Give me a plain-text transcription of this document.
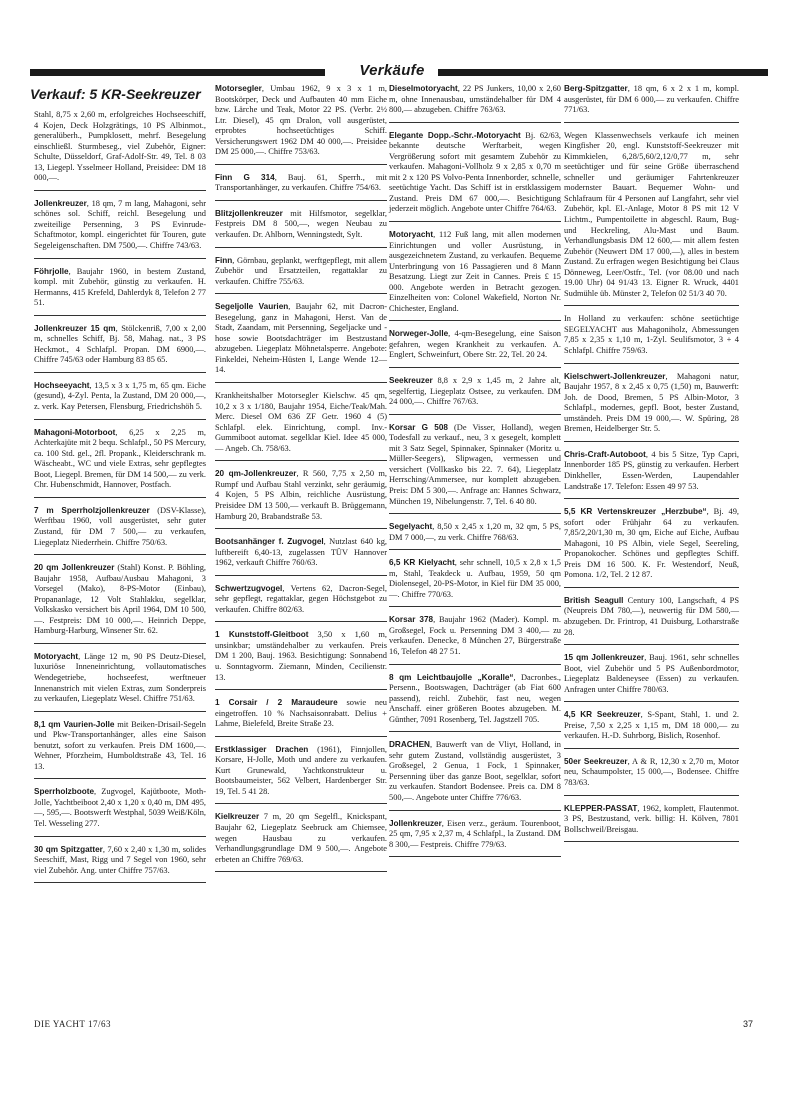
Verkäufe
Verkauf: 5 KR-Seekreuzer
Stahl, 8,75 x 2,60 m, erfolgreiches Hochseeschiff, 4 Kojen, Deck Holzgrätings, 10 PS Albinmot., generalüberh., Pumpklosett, mehrf. Besegelung einschließl. Sturmbeseg., viel Zubehör, Eigner: Schulte, Düsseldorf, Graf-Adolf-Str. 49, Tel. 8 03 13, Liegepl. Ysselmeer Holland, Preisidee: DM 18 000,—.
Jollenkreuzer, 18 qm, 7 m lang, Mahagoni, sehr schönes sol. Schiff, reichl. Besegelung und zweiteilige Persenning, 3 PS Evinrude-Schaftmotor, kompl. eingerichtet für Touren, gute Segeleigenschaften. DM 7500,—. Chiffre 743/63.
Föhrjolle, Baujahr 1960, in bestem Zustand, kompl. mit Zubehör, günstig zu verkaufen. H. Hermanns, 415 Krefeld, Dahlerdyk 8, Telefon 2 77 51.
Jollenkreuzer 15 qm, Stölckenriß, 7,00 x 2,00 m, schnelles Schiff, Bj. 58, Mahag. nat., 3 PS Heckmot., 4 Schlafpl. Propan. DM 6900,—. Chiffre 745/63 oder Hamburg 83 85 65.
Hochseeyacht, 13,5 x 3 x 1,75 m, 65 qm. Eiche (gesund), 4-Zyl. Penta, la Zustand, DM 20 000,—, z. verk. Kay Petersen, Flensburg, Friedrichshöh 5.
Mahagoni-Motorboot, 6,25 x 2,25 m, Achterkajüte mit 2 bequ. Schlafpl., 50 PS Mercury, ca. 100 Std. gel., 2fl. Propank., Kleiderschrank m. Wäscheabt., WC und viele Extras, sehr gepflegtes Boot, Liegepl. Bremen, für DM 14 500,— zu verk. Chr. Hubenschmidt, Hannover, Postfach.
7 m Sperrholzjollenkreuzer (DSV-Klasse), Werftbau 1960, voll ausgerüstet, sehr guter Zustand, für DM 7 500,— zu verkaufen, Liegeplatz Niederrhein. Chiffre 750/63.
20 qm Jollenkreuzer (Stahl) Konst. P. Böhling, Baujahr 1958, Aufbau/Ausbau Mahagoni, 3 Vorsegel (Mako), 8-PS-Motor (Einbau), Propananlage, 12 Volt Stahlakku, segelklar, Volkskasko versichert bis April 1964, DM 10 500,—. Festpreis: DM 10 000,—. Heinrich Deppe, Hamburg-Harburg, Winsener Str. 62.
Motoryacht, Länge 12 m, 90 PS Deutz-Diesel, luxuriöse Inneneinrichtung, vollautomatisches Wendegetriebe, hochseefest, werftneuer Innenanstrich mit vielen Extras, zum Sonderpreis zu verkaufen, Liegeplatz Wesel. Chiffre 751/63.
8,1 qm Vaurien-Jolle mit Beiken-Drisail-Segeln und Pkw-Transportanhänger, alles eine Saison benutzt, sofort zu verkaufen. Preis DM 1600,—. Wehner, Pforzheim, Humboldtstraße 43, Tel. 16 13.
Sperrholzboote, Zugvogel, Kajütboote, Moth-Jolle, Yachtbeiboot 2,40 x 1,20 x 0,40 m, DM 495,—, 595,—. Bootswerft Westphal, 5039 Weiß/Köln, Tel. Wesseling 277.
30 qm Spitzgatter, 7,60 x 2,40 x 1,30 m, solides Seeschiff, Mast, Rigg und 7 Segel von 1960, sehr viel Zubehör. Ang. unter Chiffre 757/63.
Motorsegler, Umbau 1962, 9 x 3 x 1 m, Bootskörper, Deck und Aufbauten 40 mm Eiche bzw. Lärche und Teak, Motor 22 PS. (Verbr. 2½ Ltr. Diesel), 45 qm Dralon, voll ausgerüstet, erprobtes hochseetüchtiges Schiff. Versicherungswert 1962 DM 40 000,—. Preisidee DM 25 000,—. Chiffre 753/63.
Finn G 314, Bauj. 61, Sperrh., mit Transportanhänger, zu verkaufen. Chiffre 754/63.
Blitzjollenkreuzer mit Hilfsmotor, segelklar, Festpreis DM 8 500,—, wegen Neubau zu verkaufen. Dr. Ahlborn, Wenningstedt, Sylt.
Finn, Görnbau, geplankt, werftgepflegt, mit allem Zubehör und Ersatzteilen, regattaklar zu verkaufen. Chiffre 755/63.
Segeljolle Vaurien, Baujahr 62, mit Dacron-Besegelung, ganz in Mahagoni, Herst. Van de Stadt, Zaandam, mit Persenning, Segeljacke und -hose sowie Bootsdachträger im Bestzustand abzugeben. Liegeplatz Möhnetalsperre. Angebote: Finkeldei, Neheim-Hüsten I, Lange Wende 12—14.
Krankheitshalber Motorsegler Kielschw. 45 qm, 10,2 x 3 x 1/180, Baujahr 1954, Eiche/Teak/Mah. Merc. Diesel OM 636 ZF Getr. 1960 4 (5) Schlafpl. elek. Einrichtung, compl. Inv.-Gummiboot automat. segelklar Kiel. Idee 45 000,— Angeb. Ch. 758/63.
20 qm-Jollenkreuzer, R 560, 7,75 x 2,50 m, Rumpf und Aufbau Stahl verzinkt, sehr geräumig, 4 Kojen, 5 PS Albin, reichliche Ausrüstung, Preisidee DM 13 500,— verkauft B. Brüggemann, Hamburg 20, Brabandstraße 53.
Bootsanhänger f. Zugvogel, Nutzlast 640 kg, luftbereift 6,40-13, zugelassen TÜV Hannover 1962, verkauft Chiffre 760/63.
Schwertzugvogel, Vertens 62, Dacron-Segel, sehr gepflegt, regattaklar, gegen Höchstgebot zu verkaufen. Chiffre 802/63.
1 Kunststoff-Gleitboot 3,50 x 1,60 m, unsinkbar; umständehalber zu verkaufen. Preis DM 1 200, Bauj. 1963. Besichtigung: Sonnabend u. Sonntagvorm. Ziemann, Minden, Cecilienstr. 13.
1 Corsair / 2 Maraudeure sowie neu eingetroffen. 10 % Nachsaisonrabatt. Delius + Lahme, Bielefeld, Breite Straße 23.
Erstklassiger Drachen (1961), Finnjollen, Korsare, H-Jolle, Moth und andere zu verkaufen. Kurt Grunewald, Yachtkonstrukteur u. Bootsbaumeister, 562 Velbert, Hardenberger Str. 19, Tel. 5 41 28.
Kielkreuzer 7 m, 20 qm Segelfl., Knickspant, Baujahr 62, Liegeplatz Seebruck am Chiemsee, wegen Hausbau zu verkaufen. Verhandlungsgrundlage DM 9 500,—. Angebote erbeten an Chiffre 769/63.
Dieselmotoryacht, 22 PS Junkers, 10,00 x 2,60 m, ohne Innenausbau, umständehalber für DM 4 800,— abzugeben. Chiffre 763/63.
Elegante Dopp.-Schr.-Motoryacht Bj. 62/63, bekannte deutsche Werftarbeit, wegen Vergrößerung sofort mit gesamtem Zubehör zu verkaufen. Mahagoni-Vollholz 9 x 2,85 x 0,70 m mit 2 x 120 PS Volvo-Penta Innenborder, schnelle, seetüchtige Yacht. Das Schiff ist in erstklassigem Zustand. Preis DM 67 000,—. Besichtigung jederzeit möglich. Angebote unter Chiffre 764/63.
Motoryacht, 112 Fuß lang, mit allen modernen Einrichtungen und voller Ausrüstung, in ausgezeichnetem Zustand, zu verkaufen. Bequeme Unterbringung von 16 Passagieren und 8 Mann Besatzung. Liegt zur Zeit in Cannes. Preis £ 15 000. Angebote werden in Betracht gezogen. Einzelheiten von: Colonel Wakefield, Norton Nr. Chichester, England.
Norweger-Jolle, 4-qm-Besegelung, eine Saison gefahren, wegen Krankheit zu verkaufen. A. Englert, Schweinfurt, Obere Str. 22, Tel. 20 24.
Seekreuzer 8,8 x 2,9 x 1,45 m, 2 Jahre alt, segelfertig, Liegeplatz Ostsee, zu verkaufen. DM 24 000,—. Chiffre 767/63.
Korsar G 508 (De Visser, Holland), wegen Todesfall zu verkauf., neu, 3 x gesegelt, komplett mit 3 Satz Segel, Spinnaker, Spinnaker (Moritz u. Müller-Seegers), Slipwagen, vermessen und versichert (Vollkasko bis 22. 7. 64), Liegeplatz Herrsching/Ammersee, nur komplett abzugeben. Preis: DM 5 300,—. Anfrage an: Hannes Schwarz, München 19, Nibelungenstr. 7, Tel. 6 40 80.
Segelyacht, 8,50 x 2,45 x 1,20 m, 32 qm, 5 PS, DM 7 000,—, zu verk. Chiffre 768/63.
6,5 KR Kielyacht, sehr schnell, 10,5 x 2,8 x 1,5 m, Stahl, Teakdeck u. Aufbau, 1959, 50 qm Diolensegel, 20-PS-Motor, in Kiel für DM 35 000,—. Chiffre 770/63.
Korsar 378, Baujahr 1962 (Mader). Kompl. m. Großsegel, Fock u. Persenning DM 3 400,— zu verkaufen. Denecke, 8 München 27, Bürgerstraße 16, Telefon 48 27 51.
8 qm Leichtbaujolle „Koralle“, Dacronbes., Persenn., Bootswagen, Dachträger (ab Fiat 600 passend), reichl. Zubehör, fast neu, wegen Anschaff. einer größeren Bootes abzugeben. M. Günther, 7091 Rosenberg, Tel. Jagstzell 705.
DRACHEN, Bauwerft van de Vliyt, Holland, in sehr gutem Zustand, vollständig ausgerüstet, 3 Großsegel, 2 Genua, 1 Fock, 1 Spinnaker, Persenning über das ganze Boot, segelklar, sofort zu verkaufen. Standort Bodensee. Preis ca. DM 8 500,—. Angebote unter Chiffre 776/63.
Jollenkreuzer, Eisen verz., geräum. Tourenboot, 25 qm, 7,95 x 2,37 m, 4 Schlafpl., la Zustand. DM 8 300,— Festpreis. Chiffre 779/63.
Berg-Spitzgatter, 18 qm, 6 x 2 x 1 m, kompl. ausgerüstet, für DM 6 000,— zu verkaufen. Chiffre 771/63.
Wegen Klassenwechsels verkaufe ich meinen Kingfisher 20, engl. Kunststoff-Seekreuzer mit Kimmkielen, 6,28/5,60/2,12/0,77 m, sehr seetüchtiger und für seine Größe überraschend schneller und geräumiger Fahrtenkreuzer modernster Bauart. Bequemer Wohn- und Schlafraum für 4 Personen auf Langfahrt, sehr viel Zubehör, kpl. El.-Anlage, Motor 8 PS mit 12 V Lichtm., Pumpentoilette in abgeschl. Raum, Bug- und Heckreling, Alu-Mast und Baum. Verhandlungsbasis DM 12 600,— mit allem festen Zubehör (Neuwert DM 17 000,—), alles in bestem Zustand. Zu erfragen wegen Besichtigung bei Claus Dönneweg, Leer/Ostfr., Tel. (vor 08.00 und nach 19.00 Uhr) 04 91/43 13. Eigner R. Wruck, 4401 Sudmühle üb. Münster 2, Telefon 02 51/3 40 70.
In Holland zu verkaufen: schöne seetüchtige SEGELYACHT aus Mahagoniholz, Abmessungen 7,85 x 2,35 x 1,10 m, 1-Zyl. Seulifsmotor, 3 + 4 Schlafpl. Chiffre 759/63.
Kielschwert-Jollenkreuzer, Mahagoni natur, Baujahr 1957, 8 x 2,45 x 0,75 (1,50) m, Bauwerft: Joh. de Dood, Bremen, 5 PS Albin-Motor, 3 Schlafpl., modernes, gepfl. Boot, bester Zustand, umständeh. Preis DM 19 000,—. W. Spüring, 28 Bremen, Heidelberger Str. 5.
Chris-Craft-Autoboot, 4 bis 5 Sitze, Typ Capri, Innenborder 185 PS, günstig zu verkaufen. Herbert Dinkheller, Essen-Werden, Laupendahler Landstraße 17. Telefon: Essen 49 97 53.
5,5 KR Vertenskreuzer „Herzbube“, Bj. 49, sofort oder Frühjahr 64 zu verkaufen. 7,85/2,20/1,30 m, 30 qm, Eiche auf Eiche, Aufbau Mahagoni, 10 PS Albin, viele Segel, Seereling, Propanokocher. Schönes und gepflegtes Schiff. Preis DM 16 500. K. Fr. Westendorf, Neuß, Pomona. 1/2, Tel. 2 12 87.
British Seagull Century 100, Langschaft, 4 PS (Neupreis DM 780,—), neuwertig für DM 580,— abzugeben. Dr. Frintrop, 41 Duisburg, Lotharstraße 28.
15 qm Jollenkreuzer, Bauj. 1961, sehr schnelles Boot, viel Zubehör und 5 PS Außenbordmotor, Liegeplatz Baldeneysee (Essen) zu verkaufen. Anfragen unter Chiffre 780/63.
4,5 KR Seekreuzer, S-Spant, Stahl, 1. und 2. Preise, 7,50 x 2,25 x 1,15 m, DM 18 000,— zu verkaufen. H.-D. Suhrborg, Bislich, Rosenhof.
50er Seekreuzer, A & R, 12,30 x 2,70 m, Motor neu, Schaumpolster, 15 000,—, Bodensee. Chiffre 783/63.
KLEPPER-PASSAT, 1962, komplett, Flautenmot. 3 PS, Bestzustand, verk. billig: H. Kölven, 7801 Bollschweil/Breisgau.
DIE YACHT 17/63	37
